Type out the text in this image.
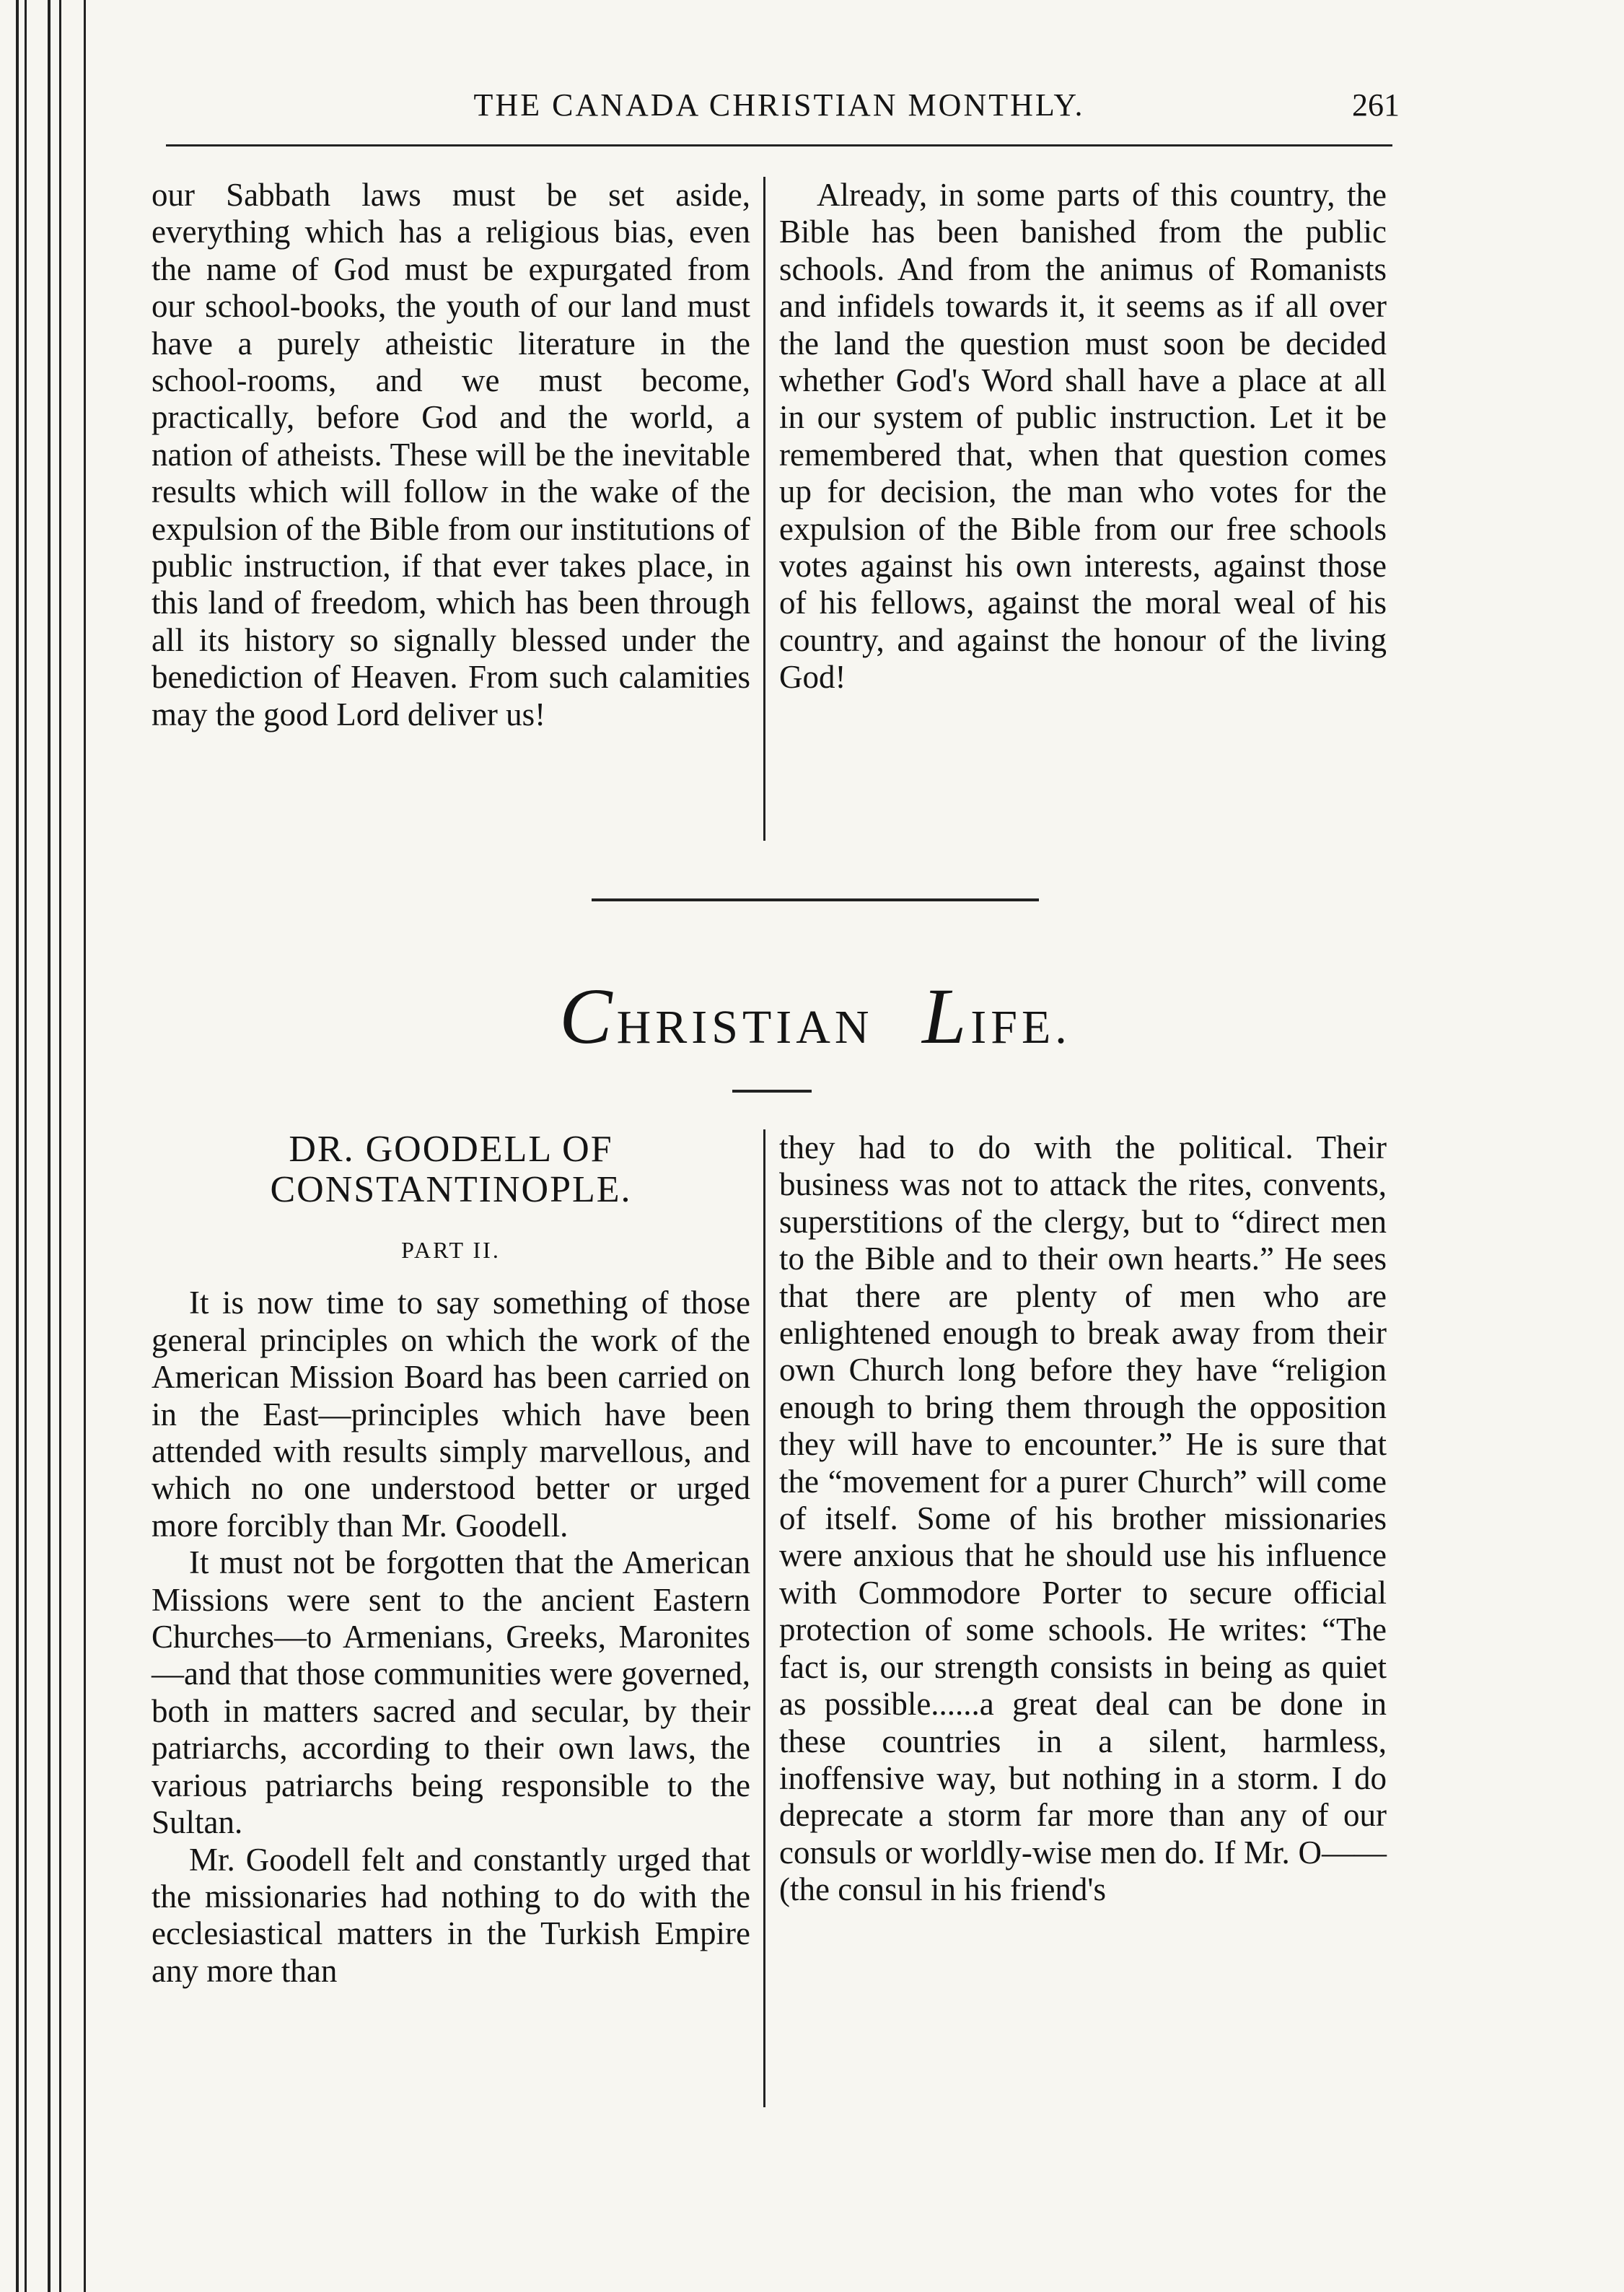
THE CANADA CHRISTIAN MONTHLY.	261

our Sabbath laws must be set aside, everything which has a religious bias, even the name of God must be expurgated from our school-books, the youth of our land must have a purely atheistic literature in the school-rooms, and we must become, practically, before God and the world, a nation of atheists. These will be the inevitable results which will follow in the wake of the expulsion of the Bible from our institutions of public instruction, if that ever takes place, in this land of freedom, which has been through all its history so signally blessed under the benediction of Heaven. From such calamities may the good Lord deliver us!

Already, in some parts of this country, the Bible has been banished from the public schools. And from the animus of Romanists and infidels towards it, it seems as if all over the land the question must soon be decided whether God's Word shall have a place at all in our system of public instruction. Let it be remembered that, when that question comes up for decision, the man who votes for the expulsion of the Bible from our free schools votes against his own interests, against those of his fellows, against the moral weal of his country, and against the honour of the living God!

CHRISTIAN LIFE.
DR. GOODELL OF CONSTANTINOPLE.
PART II.

It is now time to say something of those general principles on which the work of the American Mission Board has been carried on in the East—principles which have been attended with results simply marvellous, and which no one understood better or urged more forcibly than Mr. Goodell.

It must not be forgotten that the American Missions were sent to the ancient Eastern Churches—to Armenians, Greeks, Maronites—and that those communities were governed, both in matters sacred and secular, by their patriarchs, according to their own laws, the various patriarchs being responsible to the Sultan.

Mr. Goodell felt and constantly urged that the missionaries had nothing to do with the ecclesiastical matters in the Turkish Empire any more than

they had to do with the political. Their business was not to attack the rites, convents, superstitions of the clergy, but to “direct men to the Bible and to their own hearts.” He sees that there are plenty of men who are enlightened enough to break away from their own Church long before they have “religion enough to bring them through the opposition they will have to encounter.” He is sure that the “movement for a purer Church” will come of itself. Some of his brother missionaries were anxious that he should use his influence with Commodore Porter to secure official protection of some schools. He writes: “The fact is, our strength consists in being as quiet as possible......a great deal can be done in these countries in a silent, harmless, inoffensive way, but nothing in a storm. I do deprecate a storm far more than any of our consuls or worldly-wise men do. If Mr. O—— (the consul in his friend's
